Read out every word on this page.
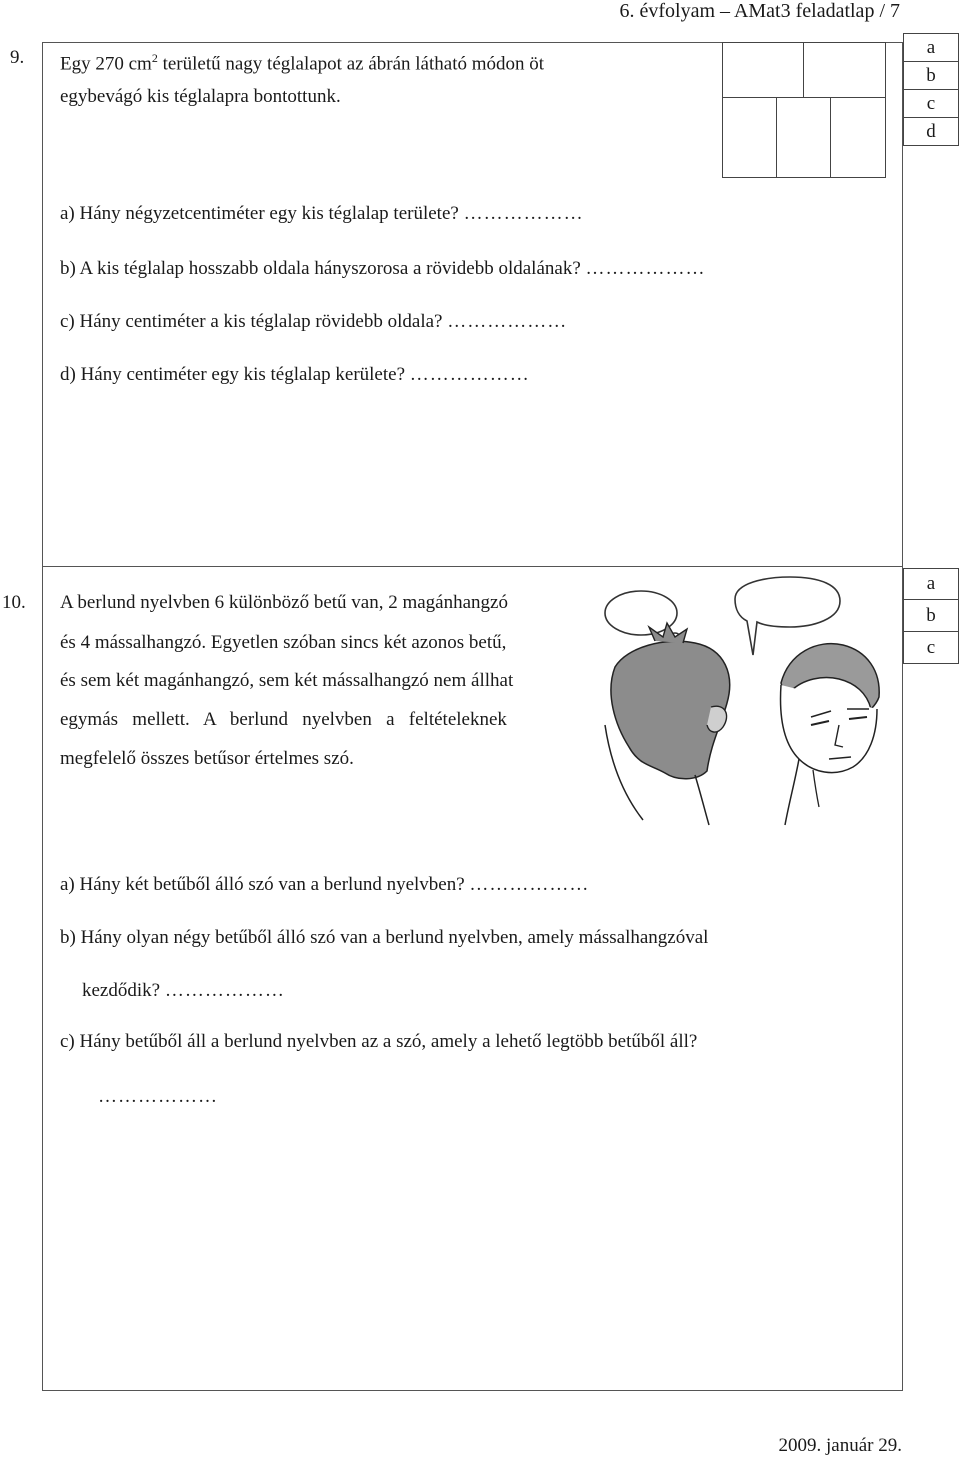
6. évfolyam – AMat3 feladatlap / 7
9. Egy 270 $cm^2$ területű nagy téglalapot az ábrán látható módon öt
egybevágó kis téglalapra bontottunk.
a
b
c
d
a) Hány négyzetcentiméter egy kis téglalap területe? ………………
b) A kis téglalap hosszabb oldala hányszorosa a rövidebb oldalának? ………………
c) Hány centiméter a kis téglalap rövidebb oldala? ………………
d) Hány centiméter egy kis téglalap kerülete? ………………
10. A berlund nyelvben 6 különböző betű van, 2 magánhangzó
és 4 mássalhangzó. Egyetlen szóban sincs két azonos betű,
és sem két magánhangzó, sem két mássalhangzó nem állhat
egymás   mellett.   A   berlund   nyelvben   a   feltételeknek
megfelelő összes betűsor értelmes szó.
a
b
c
a) Hány két betűből álló szó van a berlund nyelvben? ………………
b) Hány olyan négy betűből álló szó van a berlund nyelvben, amely mássalhangzóval
kezdődik? ………………
c) Hány betűből áll a berlund nyelvben az a szó, amely a lehető legtöbb betűből áll?
………………
2009. január 29.
